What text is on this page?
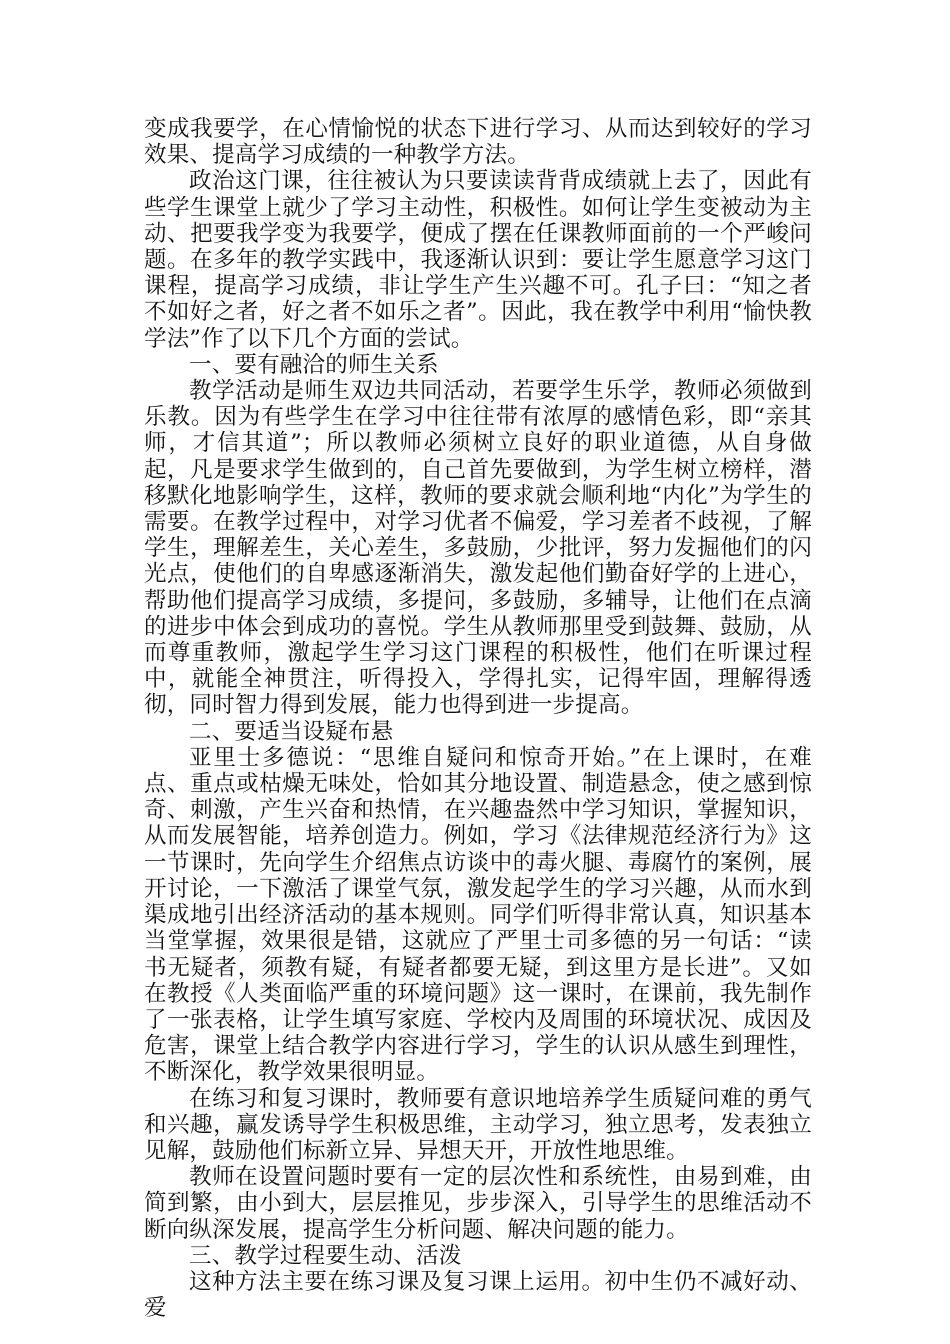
变成我要学，在心情愉悦的状态下进行学习、从而达到较好的学习效果、提高学习成绩的一种教学方法。

政治这门课，往往被认为只要读读背背成绩就上去了，因此有些学生课堂上就少了学习主动性，积极性。如何让学生变被动为主动、把要我学变为我要学，便成了摆在任课教师面前的一个严峻问题。在多年的教学实践中，我逐渐认识到：要让学生愿意学习这门课程，提高学习成绩，非让学生产生兴趣不可。孔子曰：“知之者不如好之者，好之者不如乐之者”。因此，我在教学中利用“愉快教学法”作了以下几个方面的尝试。

一、要有融洽的师生关系

教学活动是师生双边共同活动，若要学生乐学，教师必须做到乐教。因为有些学生在学习中往往带有浓厚的感情色彩，即“亲其师，才信其道”；所以教师必须树立良好的职业道德，从自身做起，凡是要求学生做到的，自己首先要做到，为学生树立榜样，潜移默化地影响学生，这样，教师的要求就会顺利地“内化”为学生的需要。在教学过程中，对学习优者不偏爱，学习差者不歧视，了解学生，理解差生，关心差生，多鼓励，少批评，努力发掘他们的闪光点，使他们的自卑感逐渐消失，激发起他们勤奋好学的上进心，帮助他们提高学习成绩，多提问，多鼓励，多辅导，让他们在点滴的进步中体会到成功的喜悦。学生从教师那里受到鼓舞、鼓励，从而尊重教师，激起学生学习这门课程的积极性，他们在听课过程中，就能全神贯注，听得投入，学得扎实，记得牢固，理解得透彻，同时智力得到发展，能力也得到进一步提高。

二、要适当设疑布悬

亚里士多德说：“思维自疑问和惊奇开始。”在上课时，在难点、重点或枯燥无味处，恰如其分地设置、制造悬念，使之感到惊奇、刺激，产生兴奋和热情，在兴趣盎然中学习知识，掌握知识，从而发展智能，培养创造力。例如，学习《法律规范经济行为》这一节课时，先向学生介绍焦点访谈中的毒火腿、毒腐竹的案例，展开讨论，一下激活了课堂气氛，激发起学生的学习兴趣，从而水到渠成地引出经济活动的基本规则。同学们听得非常认真，知识基本当堂掌握，效果很是错，这就应了严里士司多德的另一句话：“读书无疑者，须教有疑，有疑者都要无疑，到这里方是长进”。又如在教授《人类面临严重的环境问题》这一课时，在课前，我先制作了一张表格，让学生填写家庭、学校内及周围的环境状况、成因及危害，课堂上结合教学内容进行学习，学生的认识从感生到理性，不断深化，教学效果很明显。

在练习和复习课时，教师要有意识地培养学生质疑问难的勇气和兴趣，赢发诱导学生积极思维，主动学习，独立思考，发表独立见解，鼓励他们标新立异、异想天开，开放性地思维。

教师在设置问题时要有一定的层次性和系统性，由易到难，由简到繁，由小到大，层层推见，步步深入，引导学生的思维活动不断向纵深发展，提高学生分析问题、解决问题的能力。

三、教学过程要生动、活泼

这种方法主要在练习课及复习课上运用。初中生仍不减好动、爱
